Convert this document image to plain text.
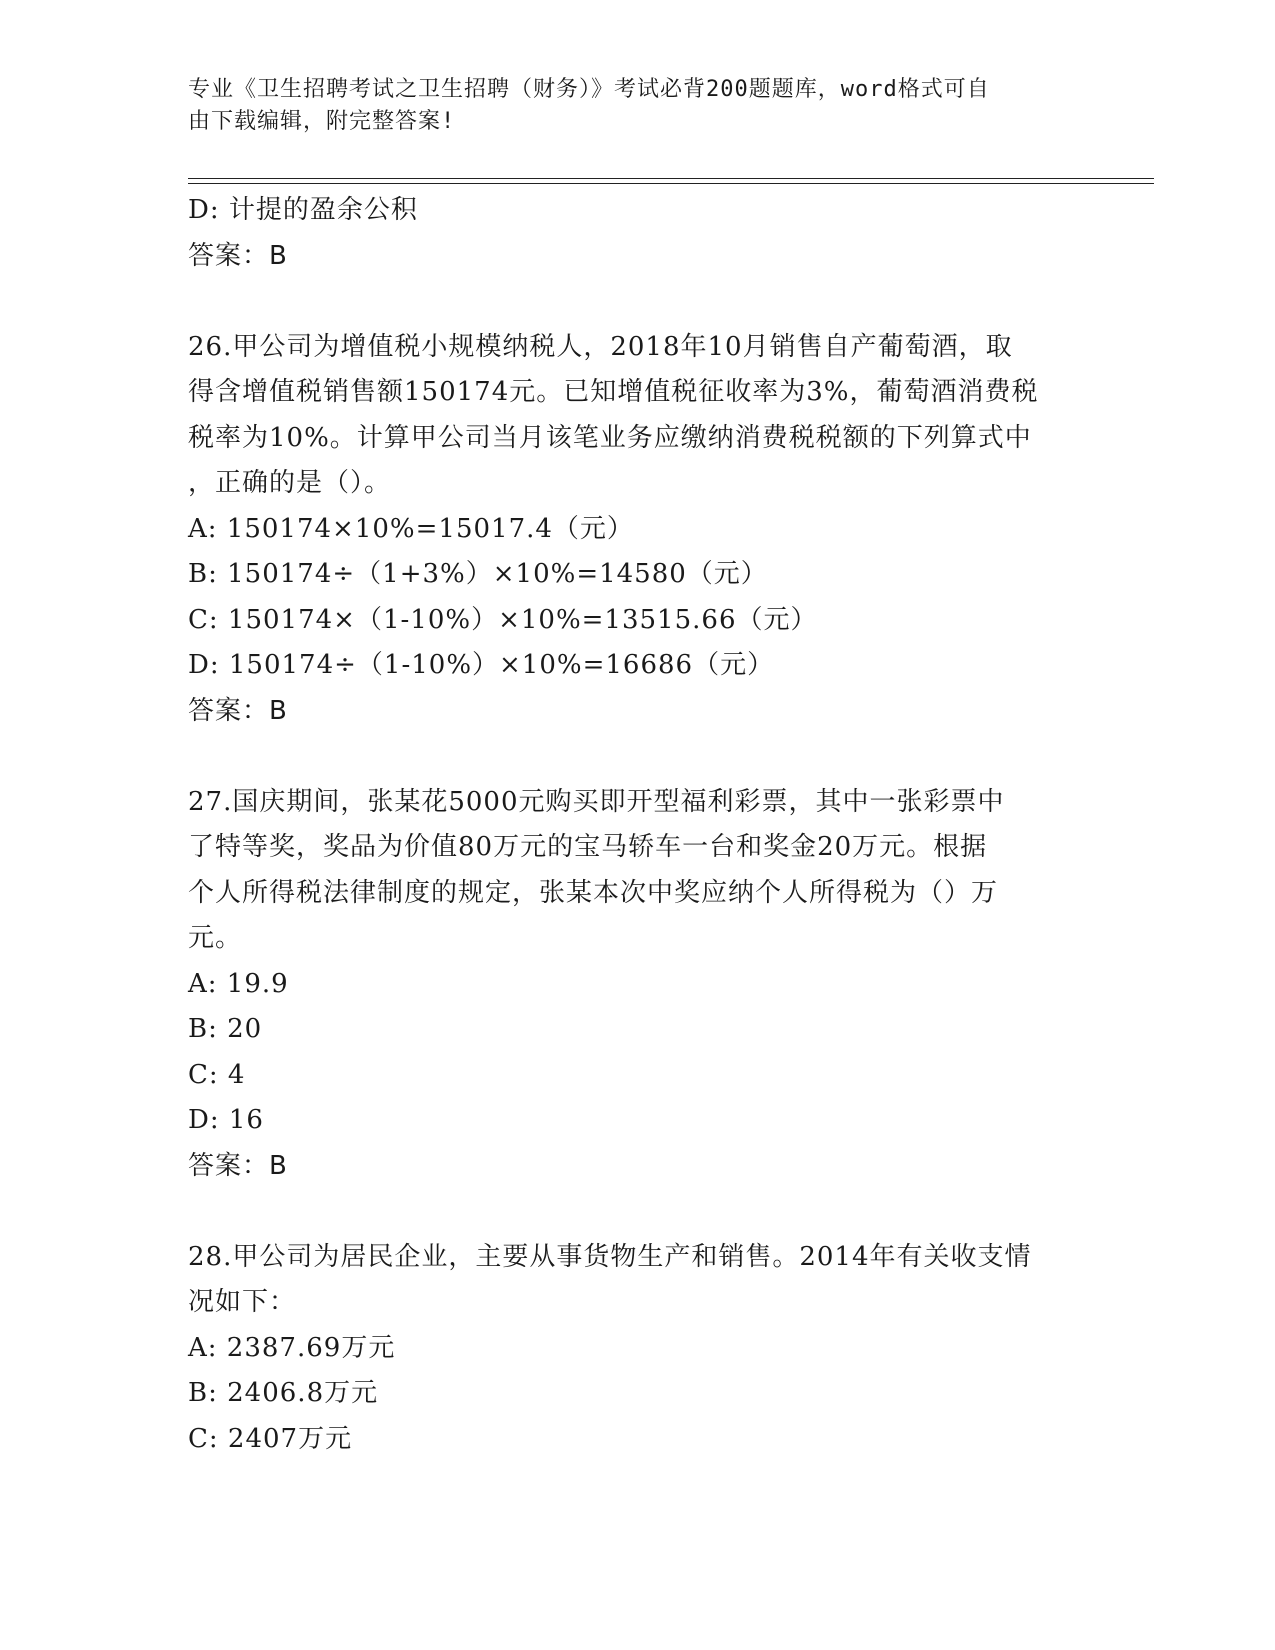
专业《卫生招聘考试之卫生招聘（财务）》考试必背200题题库，word格式可自
由下载编辑，附完整答案!
D: 计提的盈余公积
答案：B
26.甲公司为增值税小规模纳税人，2018年10月销售自产葡萄酒，取
得含增值税销售额150174元。已知增值税征收率为3%，葡萄酒消费税
税率为10%。计算甲公司当月该笔业务应缴纳消费税税额的下列算式中
，正确的是（）。
A: 150174×10%=15017.4（元）
B: 150174÷（1+3%）×10%=14580（元）
C: 150174×（1-10%）×10%=13515.66（元）
D: 150174÷（1-10%）×10%=16686（元）
答案：B
27.国庆期间，张某花5000元购买即开型福利彩票，其中一张彩票中
了特等奖，奖品为价值80万元的宝马轿车一台和奖金20万元。根据
个人所得税法律制度的规定，张某本次中奖应纳个人所得税为（）万
元。
A: 19.9
B: 20
C: 4
D: 16
答案：B
28.甲公司为居民企业，主要从事货物生产和销售。2014年有关收支情
况如下：
A: 2387.69万元
B: 2406.8万元
C: 2407万元
